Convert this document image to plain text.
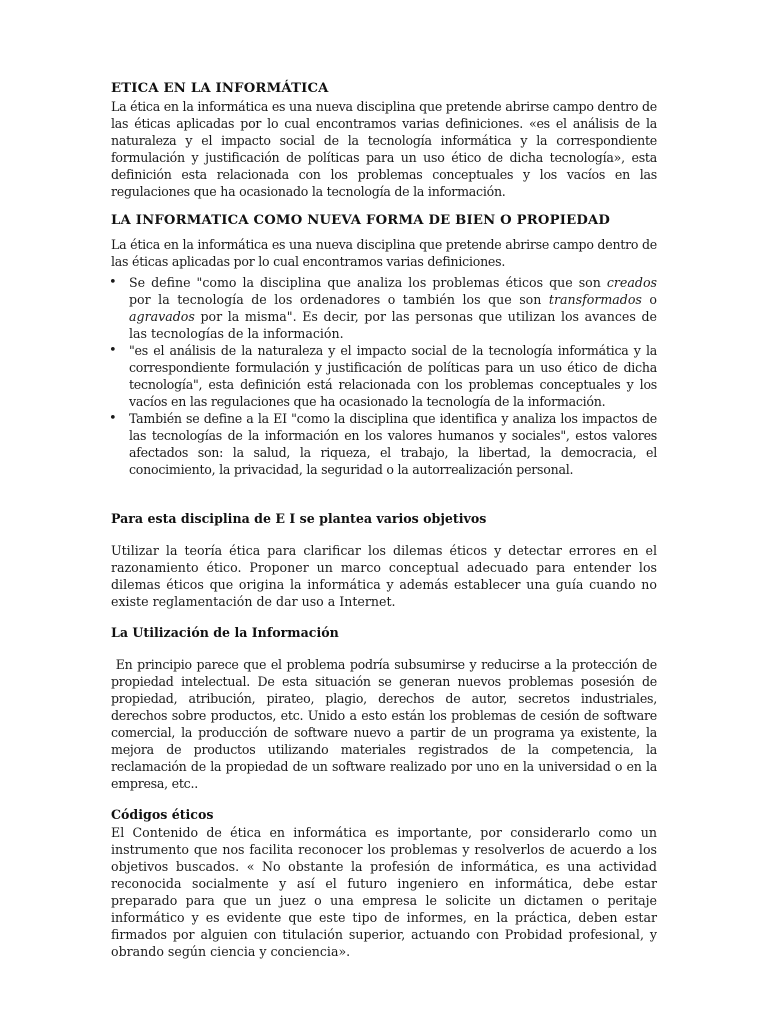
ETICA EN LA INFORMÁTICA

La ética en la informática es una nueva disciplina que pretende abrirse campo dentro de las éticas aplicadas por lo cual encontramos varias definiciones. «es el análisis de la naturaleza y el impacto social de la tecnología informática y la correspondiente formulación y justificación de políticas para un uso ético de dicha tecnología», esta definición esta relacionada con los problemas conceptuales y los vacíos en las regulaciones que ha ocasionado la tecnología de la información.

LA INFORMATICA COMO NUEVA FORMA DE BIEN O PROPIEDAD

La ética en la informática es una nueva disciplina que pretende abrirse campo dentro de las éticas aplicadas por lo cual encontramos varias definiciones.

• Se define "como la disciplina que analiza los problemas éticos que son creados por la tecnología de los ordenadores o también los que son transformados o agravados por la misma". Es decir, por las personas que utilizan los avances de las tecnologías de la información.
• "es el análisis de la naturaleza y el impacto social de la tecnología informática y la correspondiente formulación y justificación de políticas para un uso ético de dicha tecnología", esta definición está relacionada con los problemas conceptuales y los vacíos en las regulaciones que ha ocasionado la tecnología de la información.
• También se define a la EI "como la disciplina que identifica y analiza los impactos de las tecnologías de la información en los valores humanos y sociales", estos valores afectados son: la salud, la riqueza, el trabajo, la libertad, la democracia, el conocimiento, la privacidad, la seguridad o la autorrealización personal.
Para esta disciplina de E I se plantea varios objetivos

Utilizar la teoría ética para clarificar los dilemas éticos y detectar errores en el razonamiento ético. Proponer un marco conceptual adecuado para entender los dilemas éticos que origina la informática y además establecer una guía cuando no existe reglamentación de dar uso a Internet.

La Utilización de la Información

En principio parece que el problema podría subsumirse y reducirse a la protección de propiedad intelectual. De esta situación se generan nuevos problemas posesión de propiedad, atribución, pirateo, plagio, derechos de autor, secretos industriales, derechos sobre productos, etc. Unido a esto están los problemas de cesión de software comercial, la producción de software nuevo a partir de un programa ya existente, la mejora de productos utilizando materiales registrados de la competencia, la reclamación de la propiedad de un software realizado por uno en la universidad o en la empresa, etc..

Códigos éticos

El Contenido de ética en informática es importante, por considerarlo como un instrumento que nos facilita reconocer los problemas y resolverlos de acuerdo a los objetivos buscados. « No obstante la profesión de informática, es una actividad reconocida socialmente y así el futuro ingeniero en informática, debe estar preparado para que un juez o una empresa le solicite un dictamen o peritaje informático y es evidente que este tipo de informes, en la práctica, deben estar firmados por alguien con titulación superior, actuando con Probidad profesional, y obrando según ciencia y conciencia».
